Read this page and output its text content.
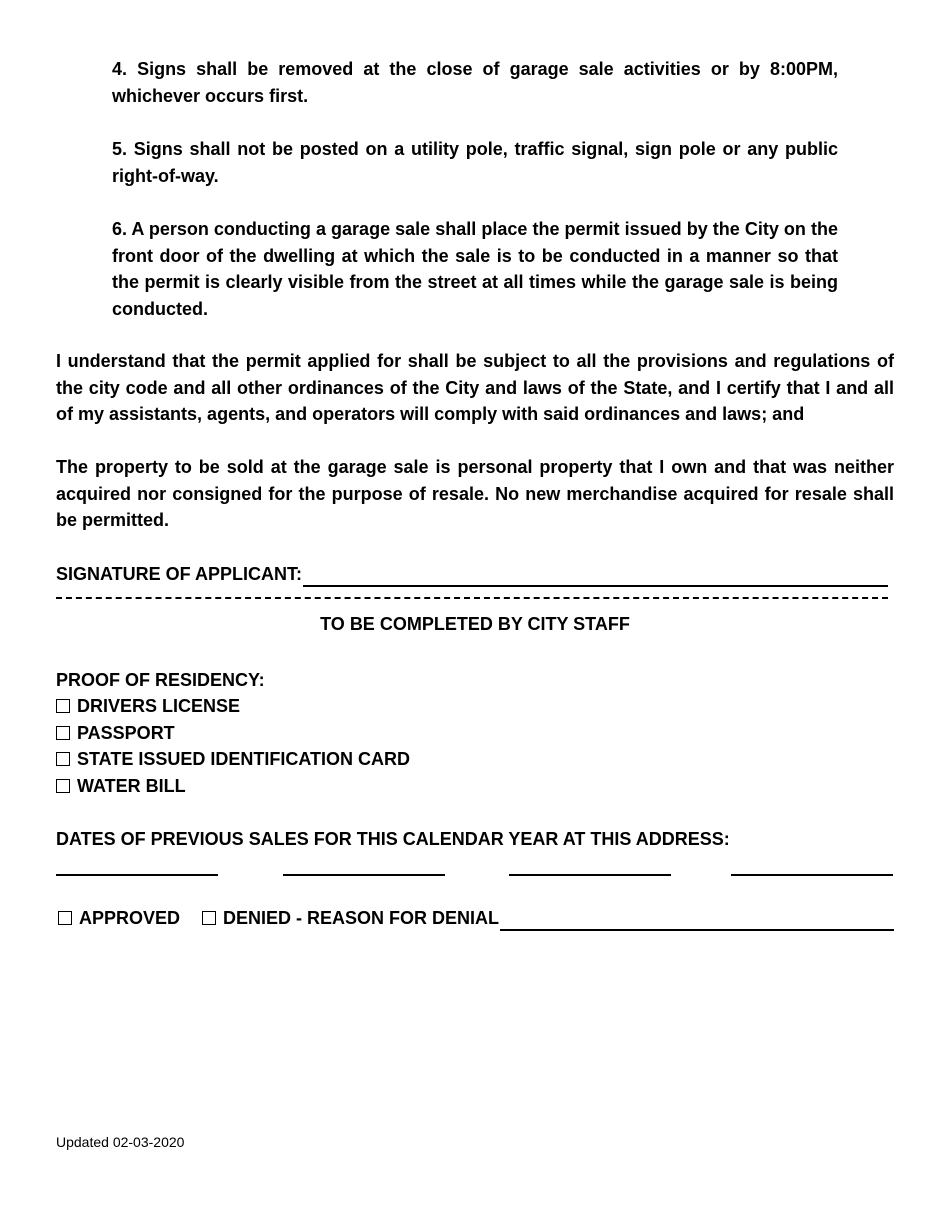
4. Signs shall be removed at the close of garage sale activities or by 8:00PM, whichever occurs first.
5. Signs shall not be posted on a utility pole, traffic signal, sign pole or any public right-of-way.
6. A person conducting a garage sale shall place the permit issued by the City on the front door of the dwelling at which the sale is to be conducted in a manner so that the permit is clearly visible from the street at all times while the garage sale is being conducted.
I understand that the permit applied for shall be subject to all the provisions and regulations of the city code and all other ordinances of the City and laws of the State, and I certify that I and all of my assistants, agents, and operators will comply with said ordinances and laws; and
The property to be sold at the garage sale is personal property that I own and that was neither acquired nor consigned for the purpose of resale. No new merchandise acquired for resale shall be permitted.
SIGNATURE OF APPLICANT:
TO BE COMPLETED BY CITY STAFF
PROOF OF RESIDENCY:
DRIVERS LICENSE
PASSPORT
STATE ISSUED IDENTIFICATION CARD
WATER BILL
DATES OF PREVIOUS SALES FOR THIS CALENDAR YEAR AT THIS ADDRESS:
APPROVED DENIED - REASON FOR DENIAL
Updated 02-03-2020
